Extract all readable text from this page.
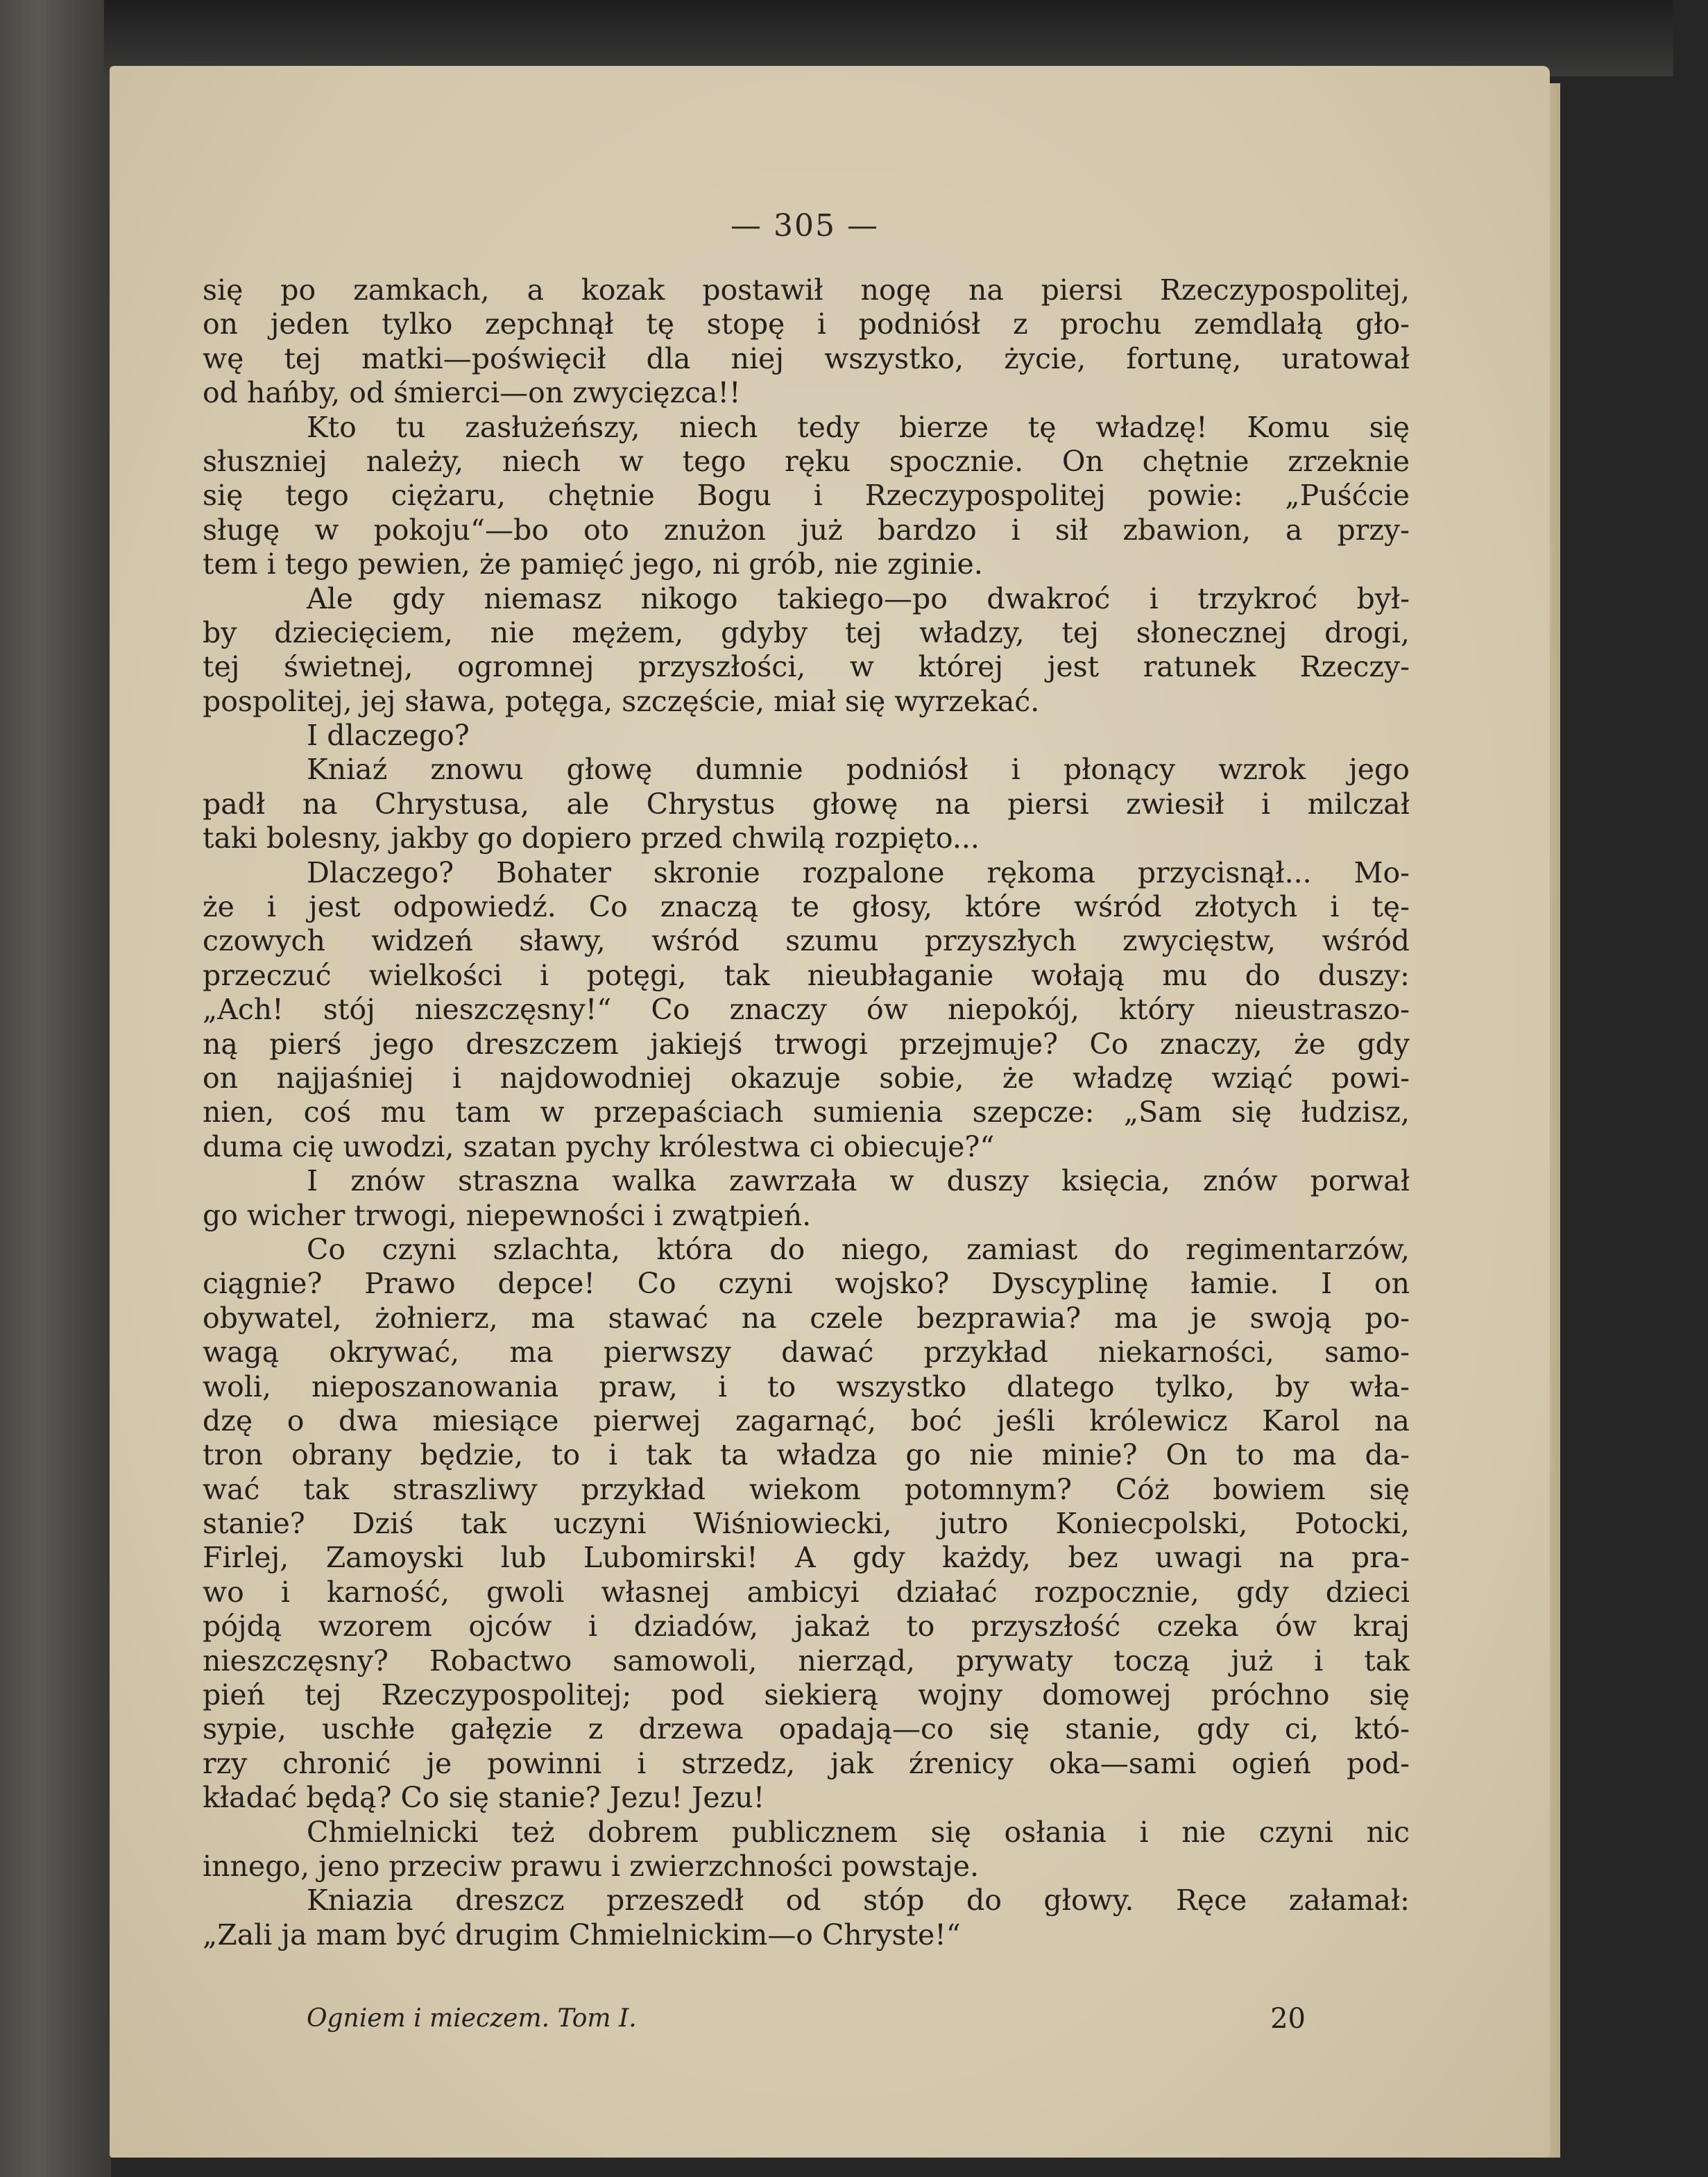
— 305 —
się po zamkach, a kozak postawił nogę na piersi Rzeczypospolitej,
on jeden tylko zepchnął tę stopę i podniósł z prochu zemdlałą gło-
wę tej matki—poświęcił dla niej wszystko, życie, fortunę, uratował
od hańby, od śmierci—on zwycięzca!!
Kto tu zasłużeńszy, niech tedy bierze tę władzę! Komu się
słuszniej należy, niech w tego ręku spocznie. On chętnie zrzeknie
się tego ciężaru, chętnie Bogu i Rzeczypospolitej powie: „Puśćcie
sługę w pokoju“—bo oto znużon już bardzo i sił zbawion, a przy-
tem i tego pewien, że pamięć jego, ni grób, nie zginie.
Ale gdy niemasz nikogo takiego—po dwakroć i trzykroć był-
by dziecięciem, nie mężem, gdyby tej władzy, tej słonecznej drogi,
tej świetnej, ogromnej przyszłości, w której jest ratunek Rzeczy-
pospolitej, jej sława, potęga, szczęście, miał się wyrzekać.
I dlaczego?
Kniaź znowu głowę dumnie podniósł i płonący wzrok jego
padł na Chrystusa, ale Chrystus głowę na piersi zwiesił i milczał
taki bolesny, jakby go dopiero przed chwilą rozpięto...
Dlaczego? Bohater skronie rozpalone rękoma przycisnął... Mo-
że i jest odpowiedź. Co znaczą te głosy, które wśród złotych i tę-
czowych widzeń sławy, wśród szumu przyszłych zwycięstw, wśród
przeczuć wielkości i potęgi, tak nieubłaganie wołają mu do duszy:
„Ach! stój nieszczęsny!“ Co znaczy ów niepokój, który nieustraszo-
ną pierś jego dreszczem jakiejś trwogi przejmuje? Co znaczy, że gdy
on najjaśniej i najdowodniej okazuje sobie, że władzę wziąć powi-
nien, coś mu tam w przepaściach sumienia szepcze: „Sam się łudzisz,
duma cię uwodzi, szatan pychy królestwa ci obiecuje?“
I znów straszna walka zawrzała w duszy księcia, znów porwał
go wicher trwogi, niepewności i zwątpień.
Co czyni szlachta, która do niego, zamiast do regimentarzów,
ciągnie? Prawo depce! Co czyni wojsko? Dyscyplinę łamie. I on
obywatel, żołnierz, ma stawać na czele bezprawia? ma je swoją po-
wagą okrywać, ma pierwszy dawać przykład niekarności, samo-
woli, nieposzanowania praw, i to wszystko dlatego tylko, by wła-
dzę o dwa miesiące pierwej zagarnąć, boć jeśli królewicz Karol na
tron obrany będzie, to i tak ta władza go nie minie? On to ma da-
wać tak straszliwy przykład wiekom potomnym? Cóż bowiem się
stanie? Dziś tak uczyni Wiśniowiecki, jutro Koniecpolski, Potocki,
Firlej, Zamoyski lub Lubomirski! A gdy każdy, bez uwagi na pra-
wo i karność, gwoli własnej ambicyi działać rozpocznie, gdy dzieci
pójdą wzorem ojców i dziadów, jakaż to przyszłość czeka ów kraj
nieszczęsny? Robactwo samowoli, nierząd, prywaty toczą już i tak
pień tej Rzeczypospolitej; pod siekierą wojny domowej próchno się
sypie, uschłe gałęzie z drzewa opadają—co się stanie, gdy ci, któ-
rzy chronić je powinni i strzedz, jak źrenicy oka—sami ogień pod-
kładać będą? Co się stanie? Jezu! Jezu!
Chmielnicki też dobrem publicznem się osłania i nie czyni nic
innego, jeno przeciw prawu i zwierzchności powstaje.
Kniazia dreszcz przeszedł od stóp do głowy. Ręce załamał:
„Zali ja mam być drugim Chmielnickim—o Chryste!“
Ogniem i mieczem. Tom I.	20
